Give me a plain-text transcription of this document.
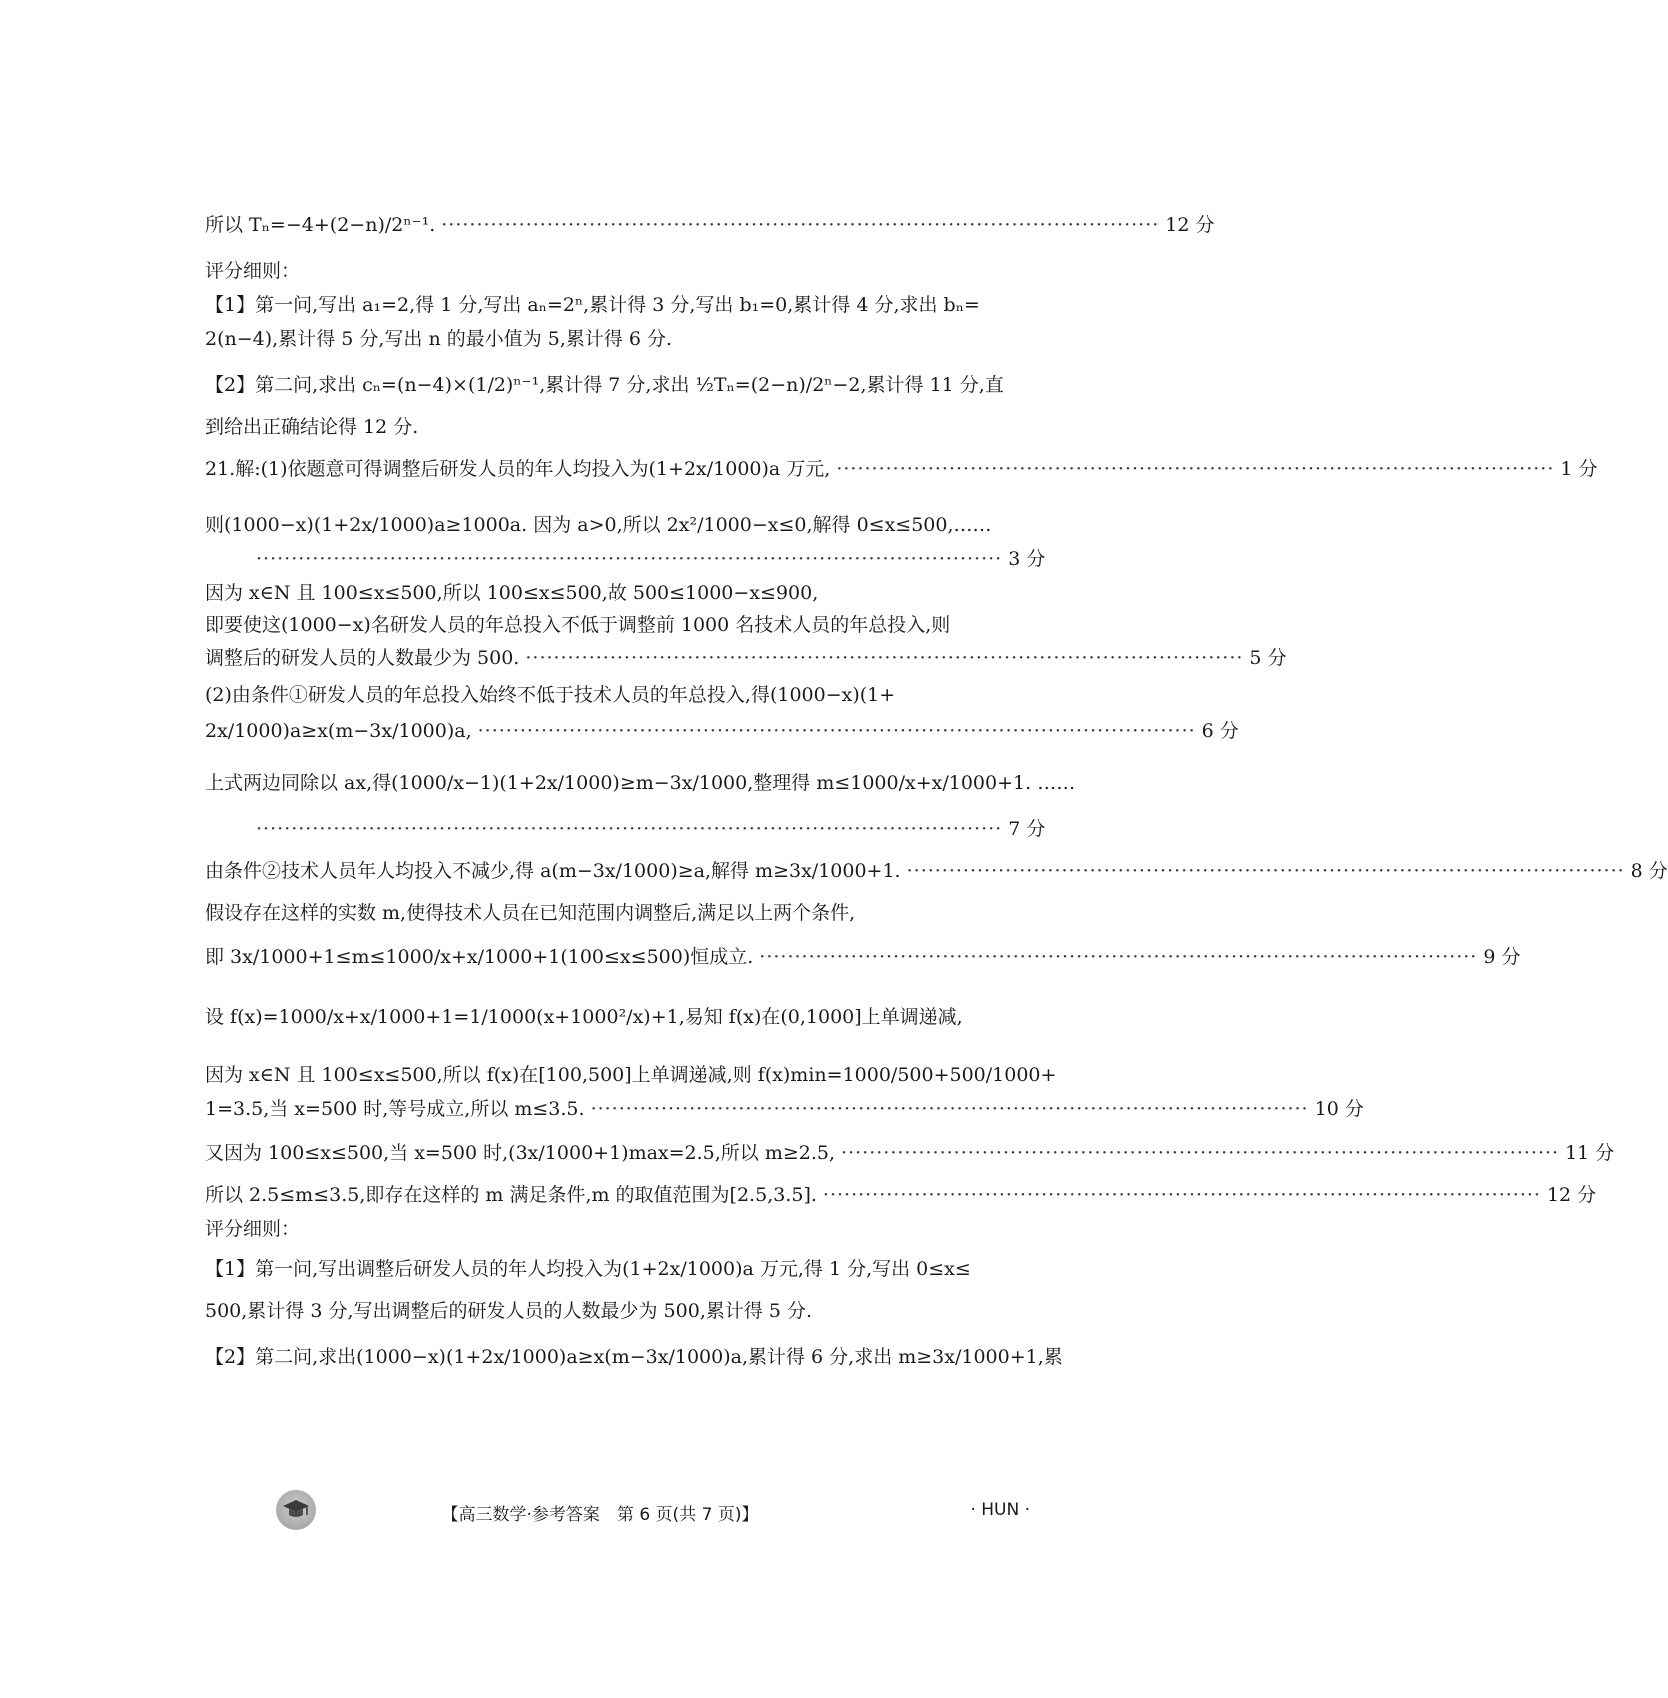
所以 Tₙ=−4+(2−n)/2ⁿ⁻¹. ······································································································ 12 分
评分细则：
【1】第一问,写出 a₁=2,得 1 分,写出 aₙ=2ⁿ,累计得 3 分,写出 b₁=0,累计得 4 分,求出 bₙ=
2(n−4),累计得 5 分,写出 n 的最小值为 5,累计得 6 分.
【2】第二问,求出 cₙ=(n−4)×(1/2)ⁿ⁻¹,累计得 7 分,求出 ½Tₙ=(2−n)/2ⁿ−2,累计得 11 分,直
到给出正确结论得 12 分.
21.解:(1)依题意可得调整后研发人员的年人均投入为(1+2x/1000)a 万元, ······································································································ 1 分
则(1000−x)(1+2x/1000)a≥1000a. 因为 a>0,所以 2x²/1000−x≤0,解得 0≤x≤500,……
·········································································································· 3 分
因为 x∈N 且 100≤x≤500,所以 100≤x≤500,故 500≤1000−x≤900,
即要使这(1000−x)名研发人员的年总投入不低于调整前 1000 名技术人员的年总投入,则
调整后的研发人员的人数最少为 500. ······································································································ 5 分
(2)由条件①研发人员的年总投入始终不低于技术人员的年总投入,得(1000−x)(1+
2x/1000)a≥x(m−3x/1000)a, ······································································································ 6 分
上式两边同除以 ax,得(1000/x−1)(1+2x/1000)≥m−3x/1000,整理得 m≤1000/x+x/1000+1. ……
·········································································································· 7 分
由条件②技术人员年人均投入不减少,得 a(m−3x/1000)≥a,解得 m≥3x/1000+1. ······································································································ 8 分
假设存在这样的实数 m,使得技术人员在已知范围内调整后,满足以上两个条件,
即 3x/1000+1≤m≤1000/x+x/1000+1(100≤x≤500)恒成立. ······································································································ 9 分
设 f(x)=1000/x+x/1000+1=1/1000(x+1000²/x)+1,易知 f(x)在(0,1000]上单调递减,
因为 x∈N 且 100≤x≤500,所以 f(x)在[100,500]上单调递减,则 f(x)min=1000/500+500/1000+
1=3.5,当 x=500 时,等号成立,所以 m≤3.5. ······································································································ 10 分
又因为 100≤x≤500,当 x=500 时,(3x/1000+1)max=2.5,所以 m≥2.5, ······································································································ 11 分
所以 2.5≤m≤3.5,即存在这样的 m 满足条件,m 的取值范围为[2.5,3.5]. ······································································································ 12 分
评分细则：
【1】第一问,写出调整后研发人员的年人均投入为(1+2x/1000)a 万元,得 1 分,写出 0≤x≤
500,累计得 3 分,写出调整后的研发人员的人数最少为 500,累计得 5 分.
【2】第二问,求出(1000−x)(1+2x/1000)a≥x(m−3x/1000)a,累计得 6 分,求出 m≥3x/1000+1,累
【高三数学·参考答案　第 6 页(共 7 页)】	· HUN ·
